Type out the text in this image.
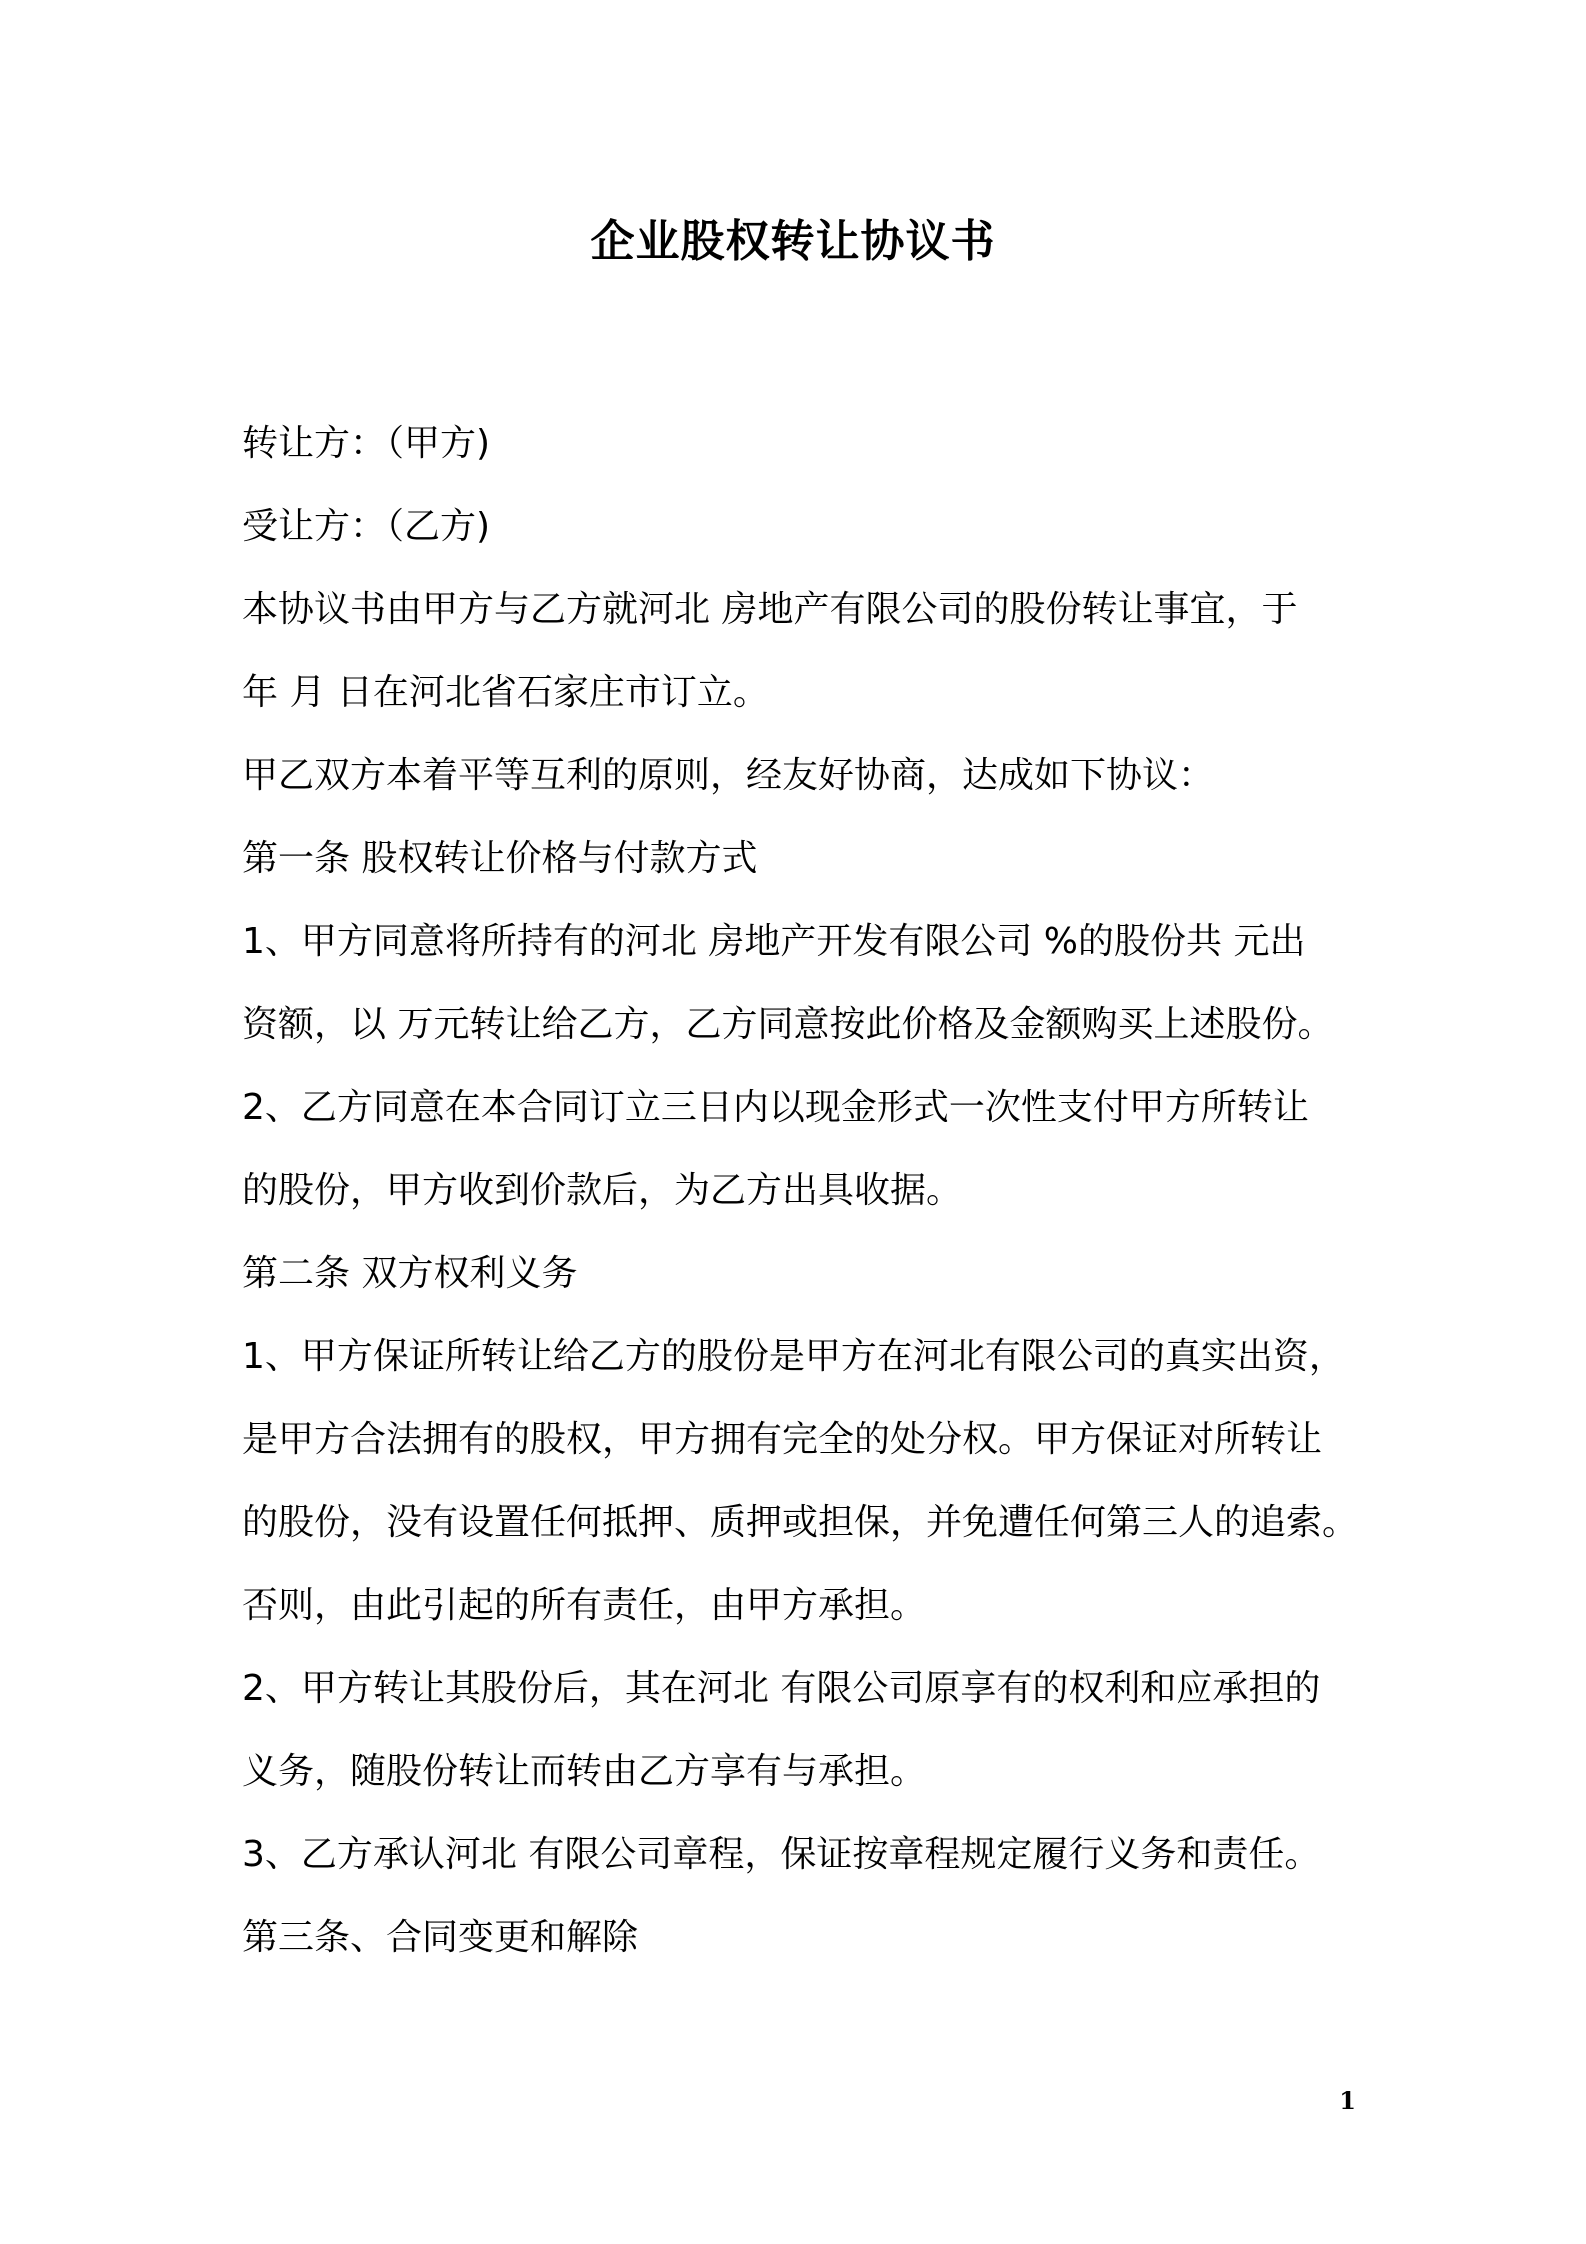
企业股权转让协议书

转让方：（甲方)

受让方：（乙方)

本协议书由甲方与乙方就河北 房地产有限公司的股份转让事宜，于

年 月 日在河北省石家庄市订立。

甲乙双方本着平等互利的原则，经友好协商，达成如下协议：

第一条 股权转让价格与付款方式

1、甲方同意将所持有的河北 房地产开发有限公司 %的股份共 元出

资额，以 万元转让给乙方，乙方同意按此价格及金额购买上述股份。

2、乙方同意在本合同订立三日内以现金形式一次性支付甲方所转让

的股份，甲方收到价款后，为乙方出具收据。

第二条 双方权利义务

1、甲方保证所转让给乙方的股份是甲方在河北有限公司的真实出资，

是甲方合法拥有的股权，甲方拥有完全的处分权。甲方保证对所转让

的股份，没有设置任何抵押、质押或担保，并免遭任何第三人的追索。

否则，由此引起的所有责任，由甲方承担。

2、甲方转让其股份后，其在河北 有限公司原享有的权利和应承担的

义务，随股份转让而转由乙方享有与承担。

3、乙方承认河北 有限公司章程，保证按章程规定履行义务和责任。

第三条、合同变更和解除

1
